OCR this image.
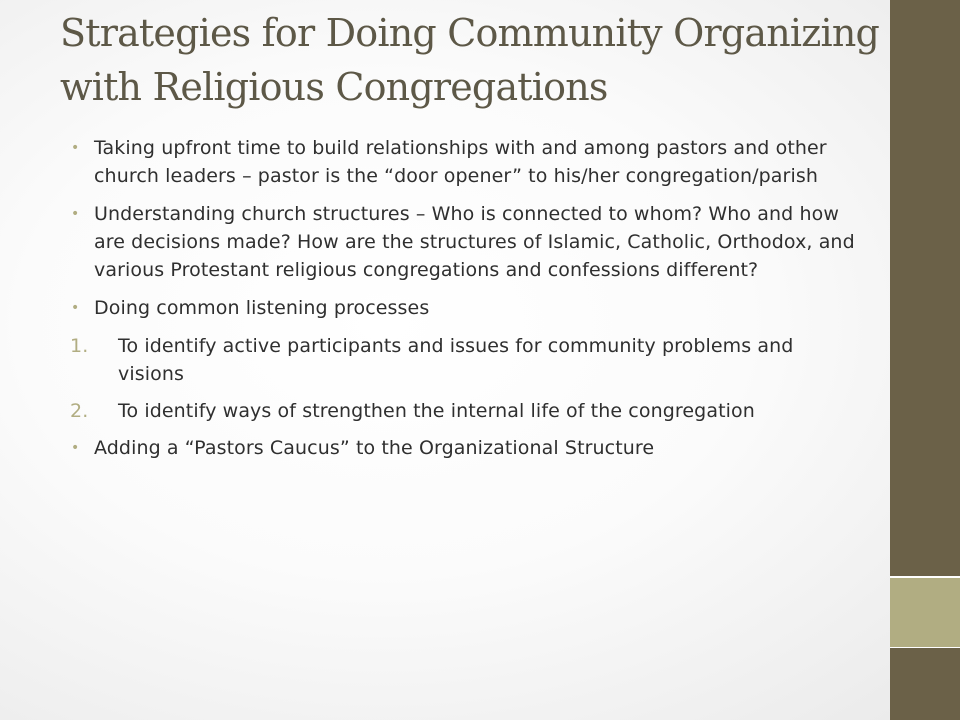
Strategies for Doing Community Organizing with Religious Congregations
• Taking upfront time to build relationships with and among pastors and other church leaders – pastor is the “door opener” to his/her congregation/parish
• Understanding church structures – Who is connected to whom? Who and how are decisions made? How are the structures of Islamic, Catholic, Orthodox, and various Protestant religious congregations and confessions different?
• Doing common listening processes
1. To identify active participants and issues for community problems and visions
2. To identify ways of strengthen the internal life of the congregation
• Adding a “Pastors Caucus” to the Organizational Structure
